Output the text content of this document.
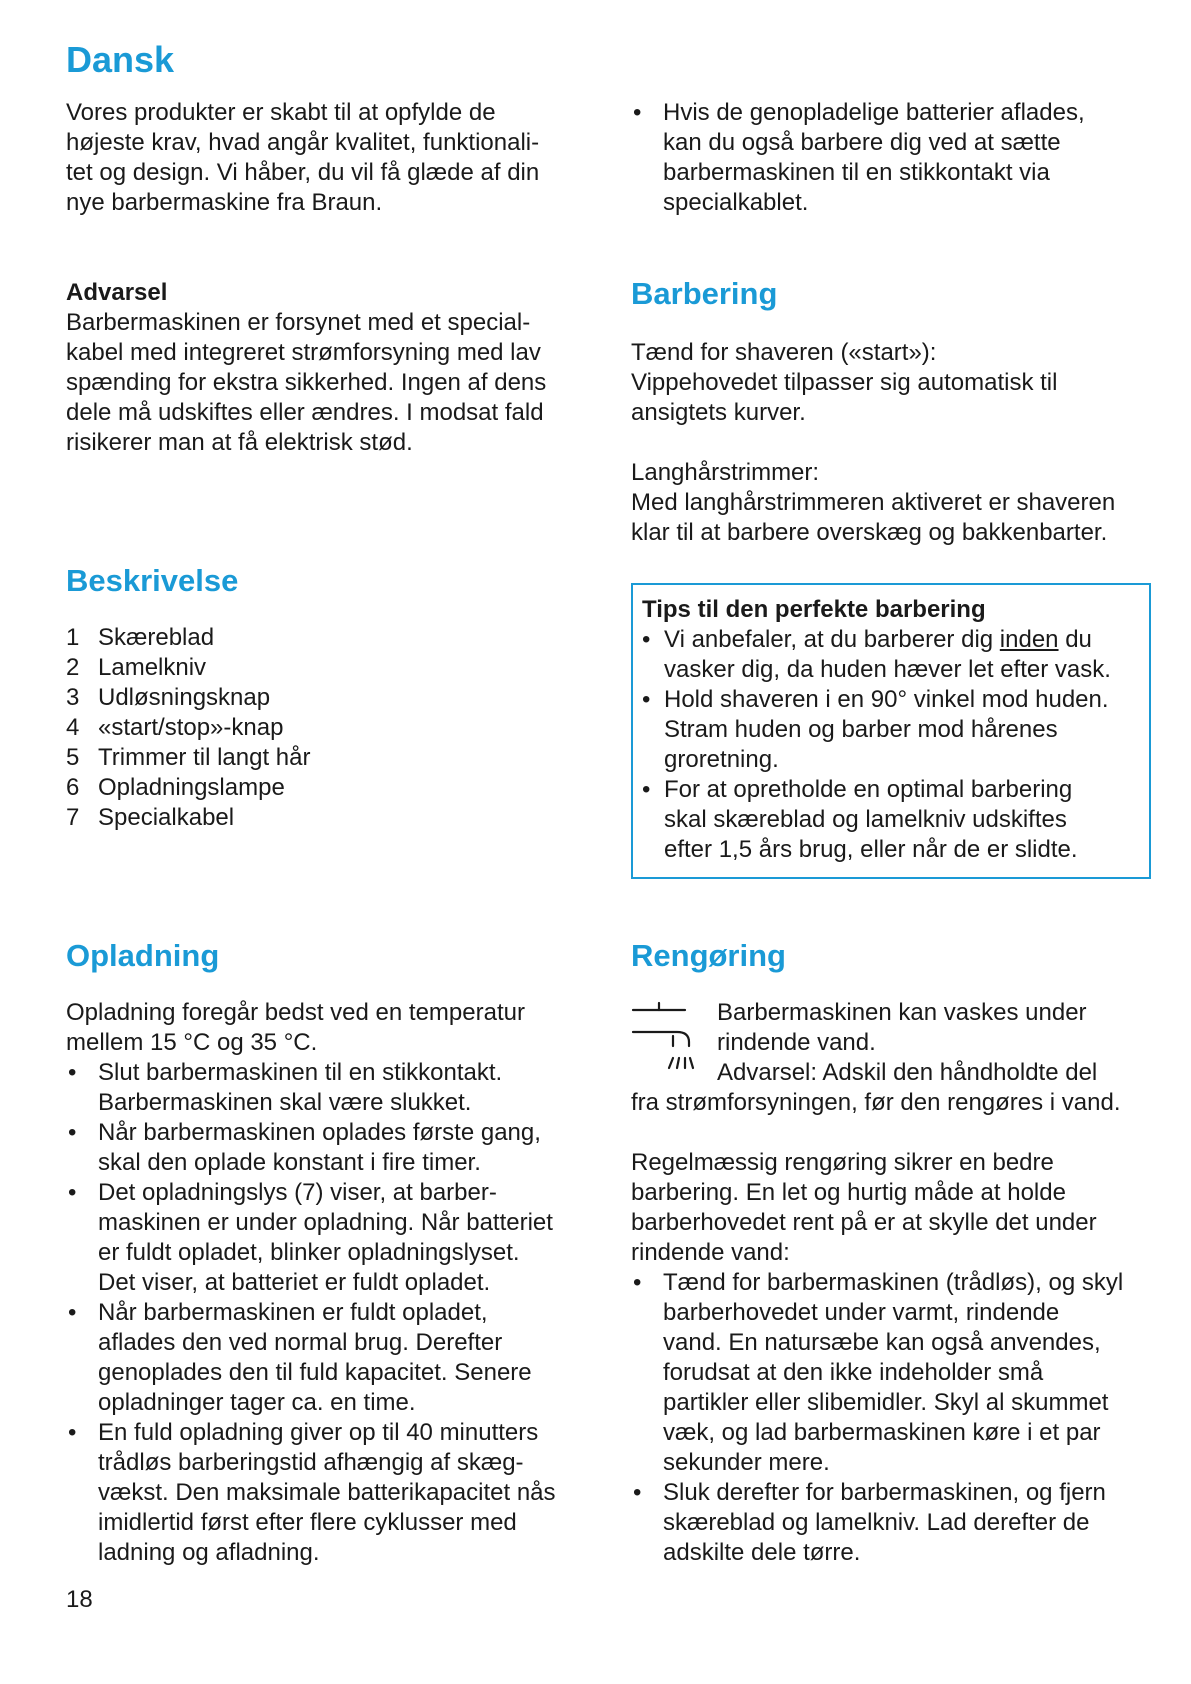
Dansk
Vores produkter er skabt til at opfylde de
højeste krav, hvad angår kvalitet, funktionali-
tet og design. Vi håber, du vil få glæde af din
nye barbermaskine fra Braun.
Advarsel
Barbermaskinen er forsynet med et special-
kabel med integreret strømforsyning med lav
spænding for ekstra sikkerhed. Ingen af dens
dele må udskiftes eller ændres. I modsat fald
risikerer man at få elektrisk stød.
Beskrivelse
1 Skæreblad
2 Lamelkniv
3 Udløsningsknap
4 «start/stop»-knap
5 Trimmer til langt hår
6 Opladningslampe
7 Specialkabel
Opladning
Opladning foregår bedst ved en temperatur
mellem 15 °C og 35 °C.
• Slut barbermaskinen til en stikkontakt.
Barbermaskinen skal være slukket.
• Når barbermaskinen oplades første gang,
skal den oplade konstant i fire timer.
• Det opladningslys (7) viser, at barber-
maskinen er under opladning. Når batteriet
er fuldt opladet, blinker opladningslyset.
Det viser, at batteriet er fuldt opladet.
• Når barbermaskinen er fuldt opladet,
aflades den ved normal brug. Derefter
genoplades den til fuld kapacitet. Senere
opladninger tager ca. en time.
• En fuld opladning giver op til 40 minutters
trådløs barberingstid afhængig af skæg-
vækst. Den maksimale batterikapacitet nås
imidlertid først efter flere cyklusser med
ladning og afladning.
• Hvis de genopladelige batterier aflades,
kan du også barbere dig ved at sætte
barbermaskinen til en stikkontakt via
specialkablet.
Barbering
Tænd for shaveren («start»):
Vippehovedet tilpasser sig automatisk til
ansigtets kurver.
Langhårstrimmer:
Med langhårstrimmeren aktiveret er shaveren
klar til at barbere overskæg og bakkenbarter.
Tips til den perfekte barbering
• Vi anbefaler, at du barberer dig inden du
vasker dig, da huden hæver let efter vask.
• Hold shaveren i en 90° vinkel mod huden.
Stram huden og barber mod hårenes
groretning.
• For at opretholde en optimal barbering
skal skæreblad og lamelkniv udskiftes
efter 1,5 års brug, eller når de er slidte.
Rengøring
Barbermaskinen kan vaskes under
rindende vand.
Advarsel: Adskil den håndholdte del
fra strømforsyningen, før den rengøres i vand.
Regelmæssig rengøring sikrer en bedre
barbering. En let og hurtig måde at holde
barberhovedet rent på er at skylle det under
rindende vand:
• Tænd for barbermaskinen (trådløs), og skyl
barberhovedet under varmt, rindende
vand. En natursæbe kan også anvendes,
forudsat at den ikke indeholder små
partikler eller slibemidler. Skyl al skummet
væk, og lad barbermaskinen køre i et par
sekunder mere.
• Sluk derefter for barbermaskinen, og fjern
skæreblad og lamelkniv. Lad derefter de
adskilte dele tørre.
18
